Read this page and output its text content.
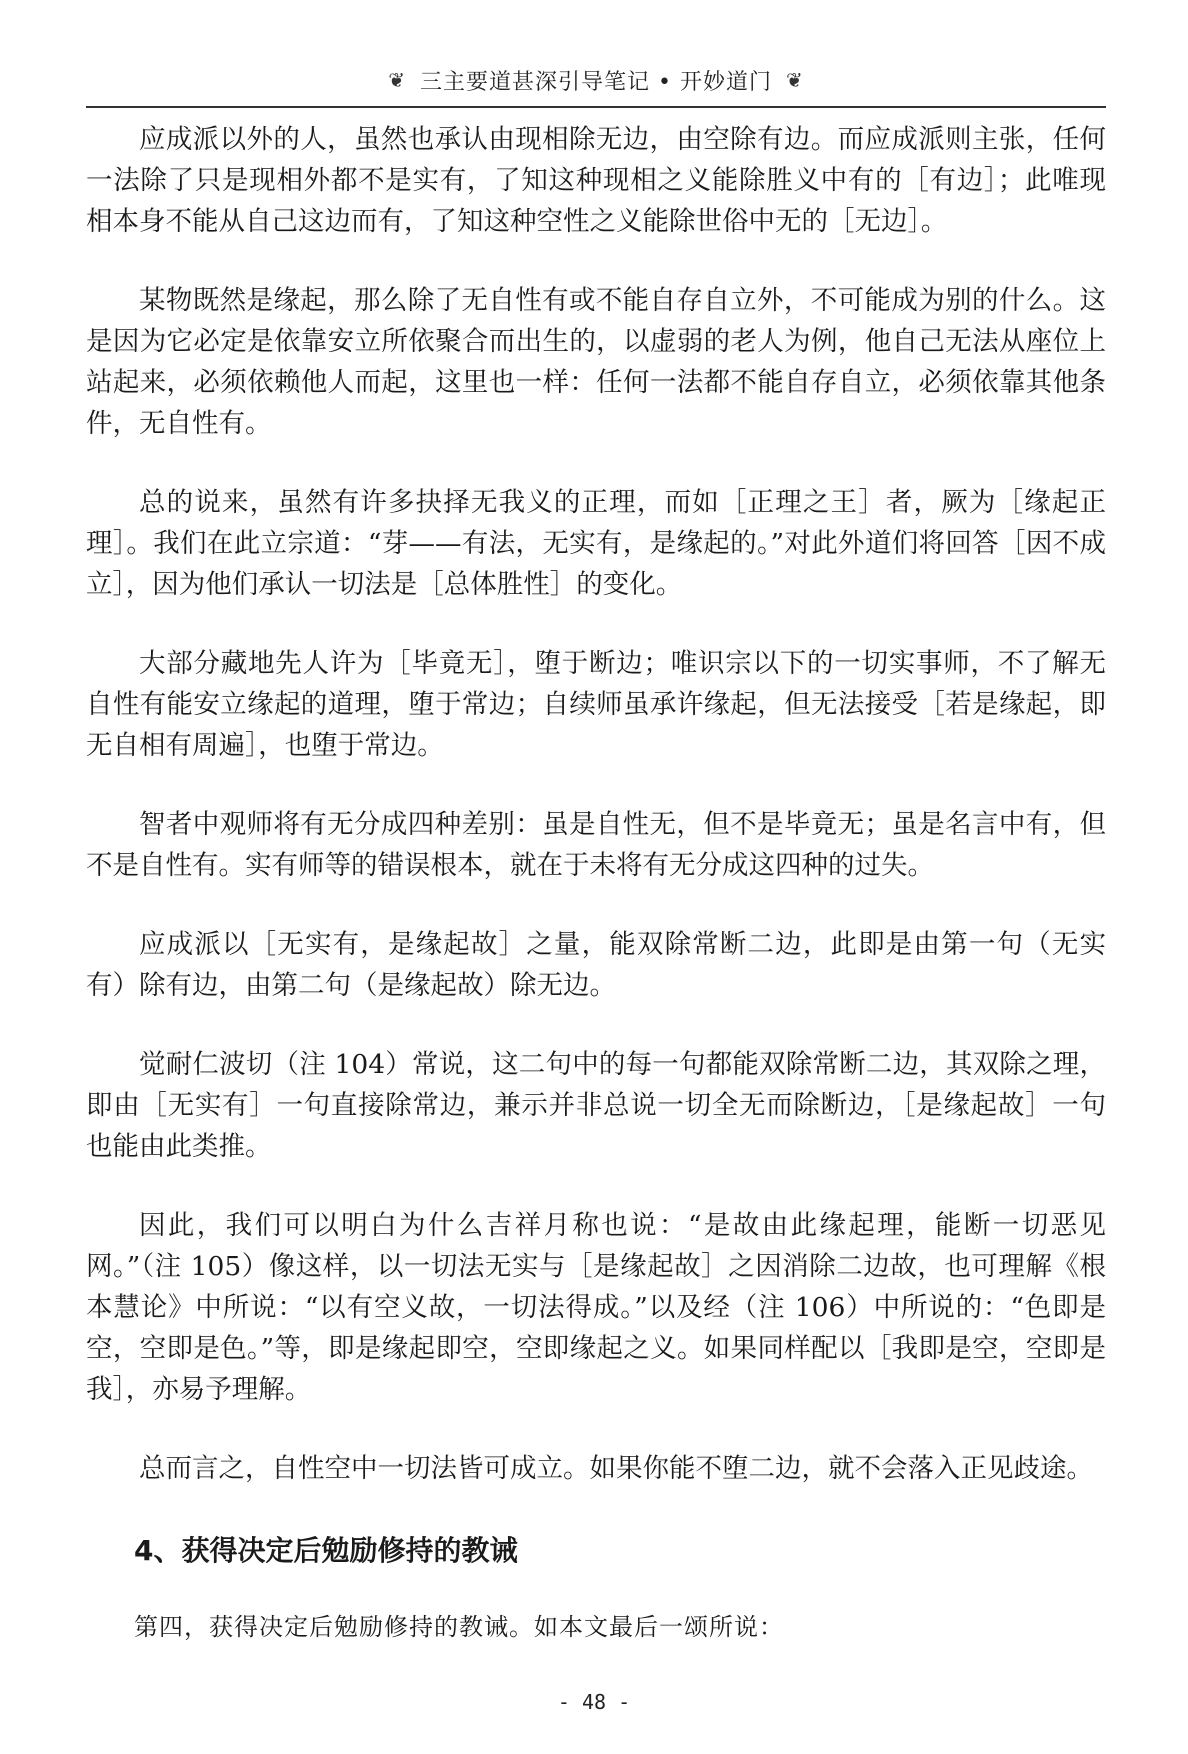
❦ 三主要道甚深引导笔记 • 开妙道门 ❦

应成派以外的人，虽然也承认由现相除无边，由空除有边。而应成派则主张，任何一法除了只是现相外都不是实有，了知这种现相之义能除胜义中有的［有边］；此唯现相本身不能从自己这边而有，了知这种空性之义能除世俗中无的［无边］。

某物既然是缘起，那么除了无自性有或不能自存自立外，不可能成为别的什么。这是因为它必定是依靠安立所依聚合而出生的，以虚弱的老人为例，他自己无法从座位上站起来，必须依赖他人而起，这里也一样：任何一法都不能自存自立，必须依靠其他条件，无自性有。

总的说来，虽然有许多抉择无我义的正理，而如［正理之王］者，厥为［缘起正理］。我们在此立宗道：“芽——有法，无实有，是缘起的。”对此外道们将回答［因不成立］，因为他们承认一切法是［总体胜性］的变化。

大部分藏地先人许为［毕竟无］，堕于断边；唯识宗以下的一切实事师，不了解无自性有能安立缘起的道理，堕于常边；自续师虽承许缘起，但无法接受［若是缘起，即无自相有周遍］，也堕于常边。

智者中观师将有无分成四种差别：虽是自性无，但不是毕竟无；虽是名言中有，但不是自性有。实有师等的错误根本，就在于未将有无分成这四种的过失。

应成派以［无实有，是缘起故］之量，能双除常断二边，此即是由第一句（无实有）除有边，由第二句（是缘起故）除无边。

觉耐仁波切（注 104）常说，这二句中的每一句都能双除常断二边，其双除之理，即由［无实有］一句直接除常边，兼示并非总说一切全无而除断边，［是缘起故］一句也能由此类推。

因此，我们可以明白为什么吉祥月称也说：“是故由此缘起理，能断一切恶见网。”（注 105）像这样，以一切法无实与［是缘起故］之因消除二边故，也可理解《根本慧论》中所说：“以有空义故，一切法得成。”以及经（注 106）中所说的：“色即是空，空即是色。”等，即是缘起即空，空即缘起之义。如果同样配以［我即是空，空即是我］，亦易予理解。

总而言之，自性空中一切法皆可成立。如果你能不堕二边，就不会落入正见歧途。

4、获得决定后勉励修持的教诫

第四，获得决定后勉励修持的教诫。如本文最后一颂所说：

- 48 -
